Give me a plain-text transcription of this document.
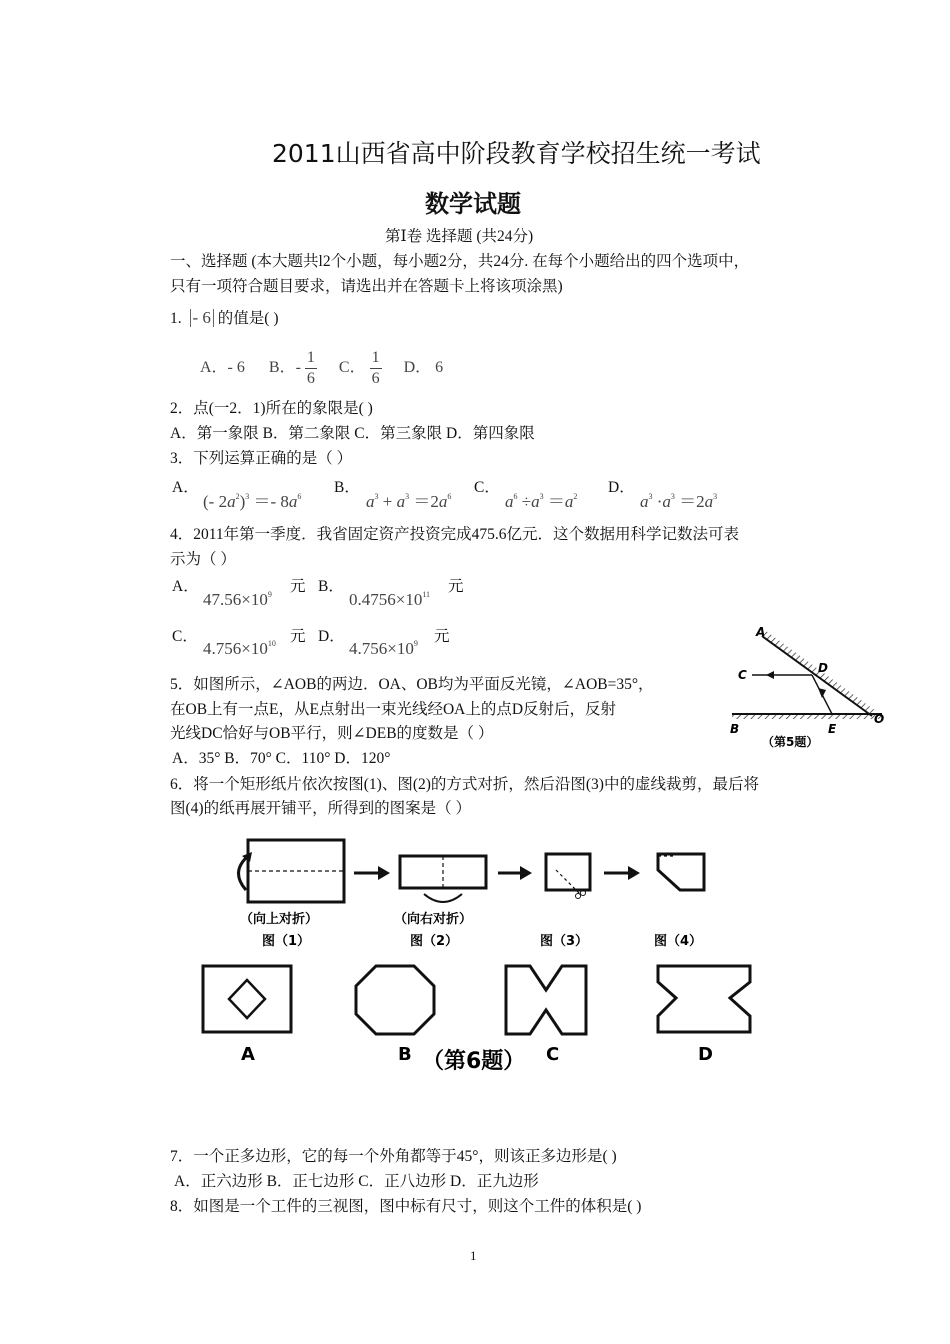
2011山西省高中阶段教育学校招生统一考试
数学试题
第Ⅰ卷 选择题 (共24分)
一、选择题 (本大题共l2个小题，每小题2分，共24分. 在每个小题给出的四个选项中，
只有一项符合题目要求，请选出并在答题卡上将该项涂黑)
1. - 6 的值是( )
A．- 6 B．- $\frac{1}{6}$ C． $\frac{1}{6}$ D． 6
2．点(一2．1)所在的象限是( )
A．第一象限 B．第二象限 C．第三象限 D．第四象限
3．下列运算正确的是（ ）
A．
(- $2a^2)^3 =- 8a^6$
B．
$a^3 + a^3 =2a^6$
C．
$a^6 \div a^3 =a^2$
D．
$a^3 \cdot a^3 =2a^3$
4．2011年第一季度．我省固定资产投资完成475.6亿元．这个数据用科学记数法可表
示为（ ）
A．
$47.56\times 10^9$ 元 B．
$0.4756\times 10^{11}$ 元
C．
$4.756\times 10^{10}$ 元 D．
$4.756\times 10^9$ 元
5．如图所示，∠AOB的两边．OA、OB均为平面反光镜，∠AOB=35°，
在OB上有一点E，从E点射出一束光线经OA上的点D反射后，反射
光线DC恰好与OB平行，则∠DEB的度数是（ ）
A．35° B．70° C．110° D．120°
A
C	D
O
B	E
（第5题）
6．将一个矩形纸片依次按图(1)、图(2)的方式对折，然后沿图(3)中的虚线裁剪，最后将
图(4)的纸再展开铺平，所得到的图案是（ ）
（向上对折）
图（1）
（向右对折）
图（2）	图（3）	图（4）
A	B （第6题） C	D
7．一个正多边形，它的每一个外角都等于45°，则该正多边形是( )
A．正六边形 B．正七边形 C．正八边形 D．正九边形
8．如图是一个工件的三视图，图中标有尺寸，则这个工件的体积是( )
1
